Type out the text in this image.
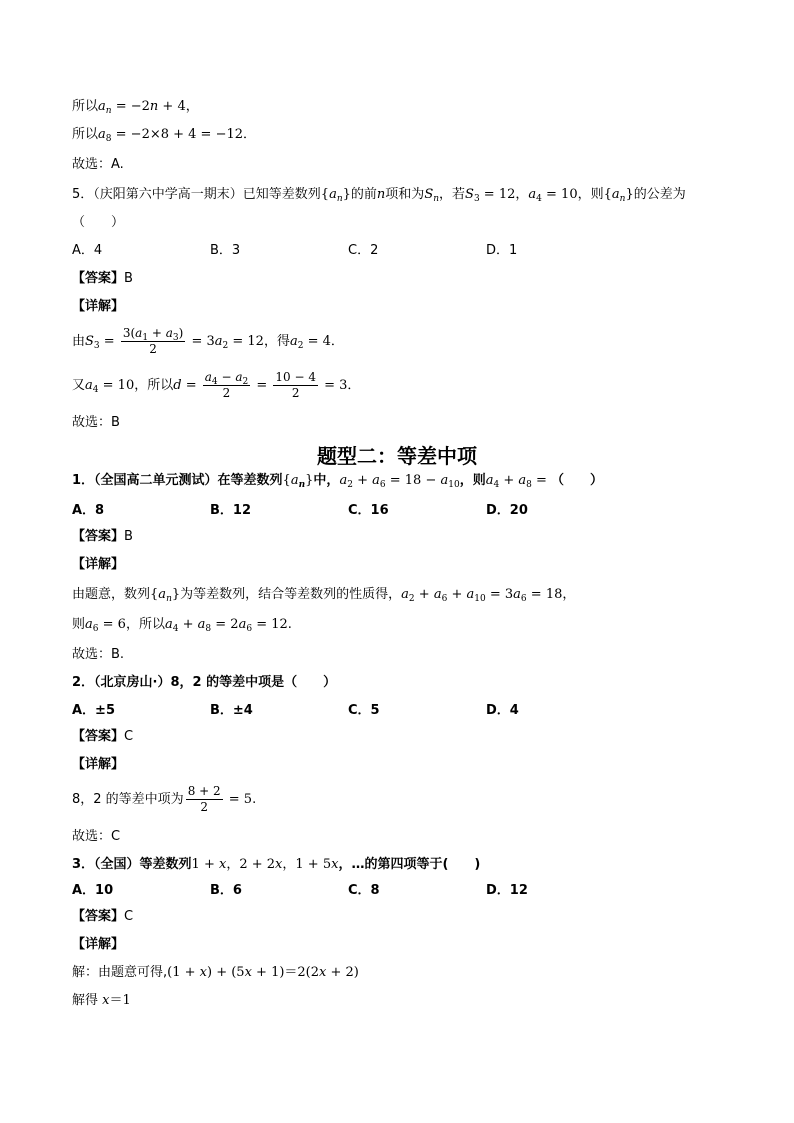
所以$a_n = -2n + 4$，
所以$a_8 = -2\times 8 + 4 = -12$．
故选：A.
5．（庆阳第六中学高一期末）已知等差数列$\{a_n\}$的前n项和为$S_n$，若$S_3 = 12$，$a_4 = 10$，则$\{a_n\}$的公差为
（　　）
A．4	B．3	C．2	D．1
【答案】B
【详解】
由$S_3 = \frac{3(a_1 + a_3)}{2} = 3a_2 = 12$，得$a_2 = 4$．
又$a_4 = 10$，所以$d = \frac{a_4 - a_2}{2} = \frac{10 - 4}{2} = 3$．
故选：B
题型二：等差中项
1．（全国高二单元测试）在等差数列$\{a_n\}$中，$a_2 + a_6 = 18 - a_{10}$，则$a_4 + a_8$ = （　　）
A．8	B．12	C．16	D．20
【答案】B
【详解】
由题意，数列$\{a_n\}$为等差数列，结合等差数列的性质得，$a_2 + a_6 + a_{10} = 3a_6 = 18$，
则$a_6 = 6$，所以$a_4 + a_8 = 2a_6 = 12$.
故选：B.
2．（北京房山·）8，2 的等差中项是（　　）
A．±5	B．±4	C．5	D．4
【答案】C
【详解】
8，2 的等差中项为 $\frac{8 + 2}{2} = 5$.
故选：C
3．（全国）等差数列1 + x，2 + 2x，1 + 5x，…的第四项等于(　　)
A．10	B．6	C．8	D．12
【答案】C
【详解】
解：由题意可得,(1 + x) + (5x + 1)＝2(2x + 2)
解得 x＝1
